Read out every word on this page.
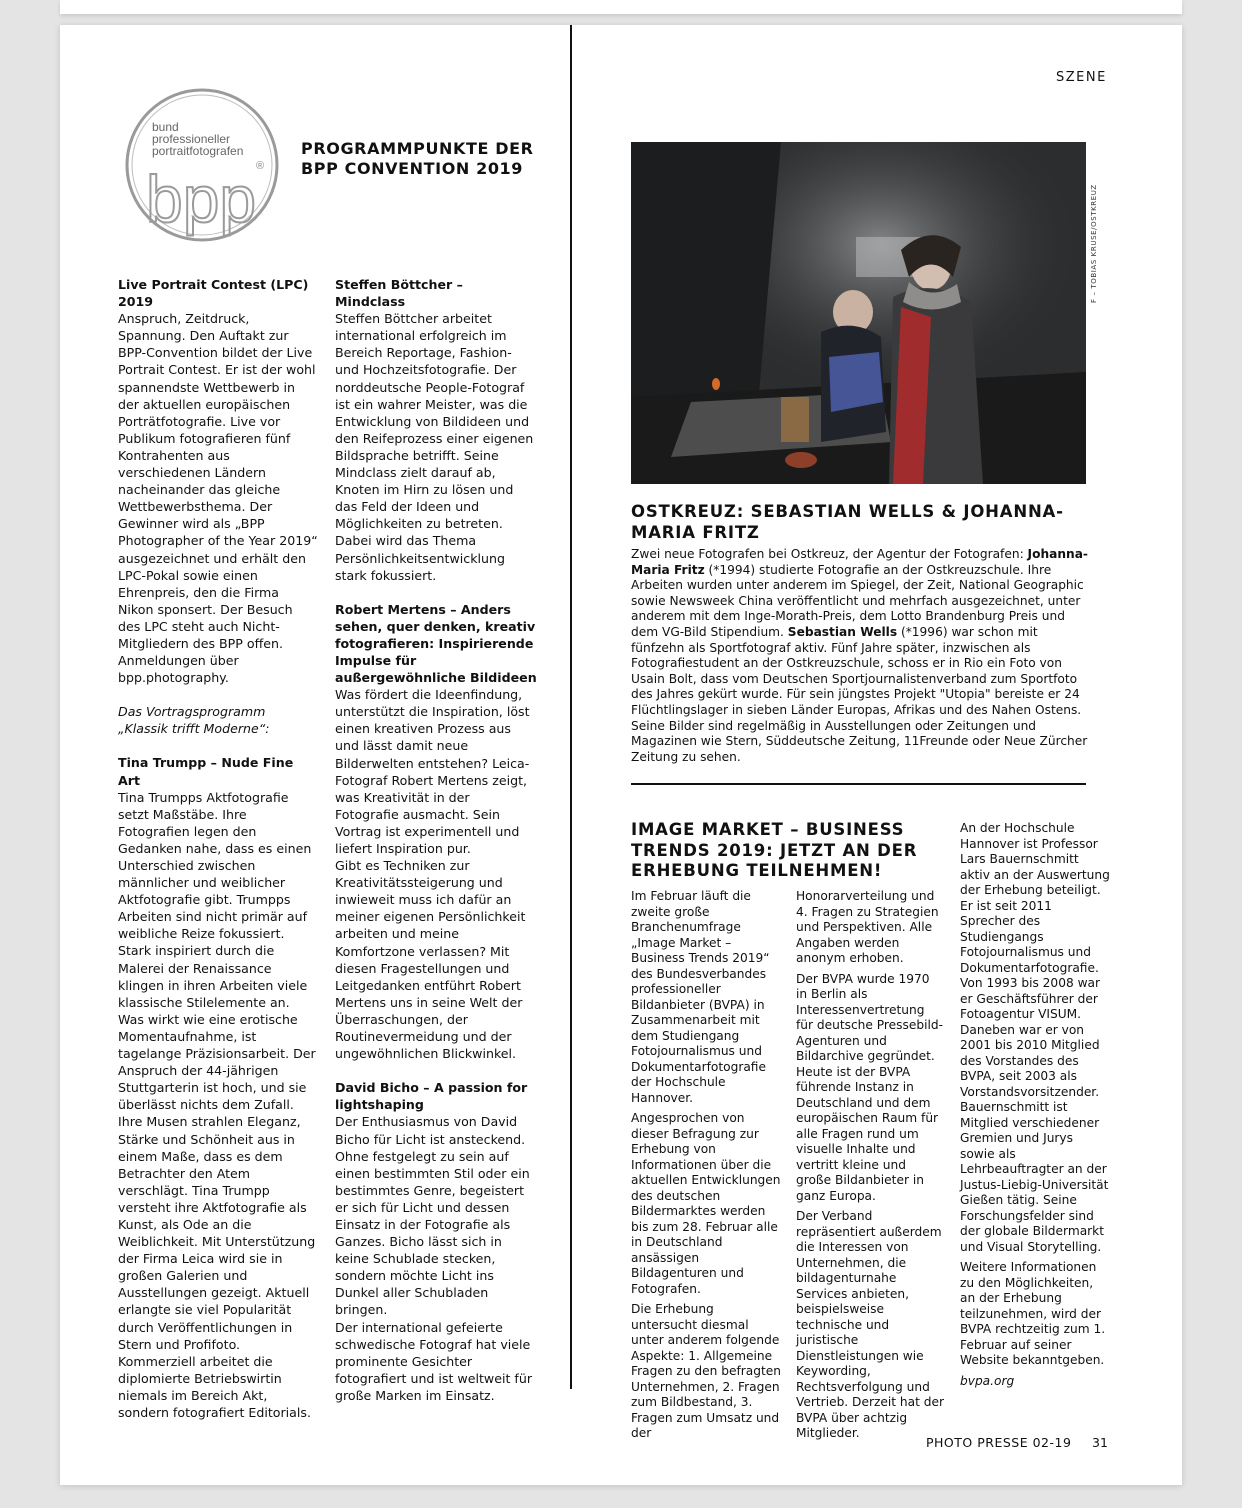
SZENE
bund
professioneller
portraitfotografen
bpp ®
PROGRAMMPUNKTE DER BPP CONVENTION 2019

Live Portrait Contest (LPC) 2019

Anspruch, Zeitdruck, Spannung. Den Auftakt zur BPP-Convention bildet der Live Portrait Contest. Er ist der wohl spannendste Wettbewerb in der aktuellen europäischen Porträtfotografie. Live vor Publikum fotografieren fünf Kontrahenten aus verschiedenen Ländern nacheinander das gleiche Wettbewerbsthema. Der Gewinner wird als „BPP Photographer of the Year 2019“ ausgezeichnet und erhält den LPC-Pokal sowie einen Ehrenpreis, den die Firma Nikon sponsert. Der Besuch des LPC steht auch Nicht-Mitgliedern des BPP offen. Anmeldungen über bpp.photography.

Das Vortragsprogramm „Klassik trifft Moderne“:

Tina Trumpp – Nude Fine Art

Tina Trumpps Aktfotografie setzt Maßstäbe. Ihre Fotografien legen den Gedanken nahe, dass es einen Unterschied zwischen männlicher und weiblicher Aktfotografie gibt. Trumpps Arbeiten sind nicht primär auf weibliche Reize fokussiert. Stark inspiriert durch die Malerei der Renaissance klingen in ihren Arbeiten viele klassische Stilelemente an. Was wirkt wie eine erotische Momentaufnahme, ist tagelange Präzisionsarbeit. Der Anspruch der 44-jährigen Stuttgarterin ist hoch, und sie überlässt nichts dem Zufall.

Ihre Musen strahlen Eleganz, Stärke und Schönheit aus in einem Maße, dass es dem Betrachter den Atem verschlägt. Tina Trumpp versteht ihre Aktfotografie als Kunst, als Ode an die Weiblichkeit. Mit Unterstützung der Firma Leica wird sie in großen Galerien und Ausstellungen gezeigt. Aktuell erlangte sie viel Popularität durch Veröffentlichungen in Stern und Profifoto. Kommerziell arbeitet die diplomierte Betriebswirtin niemals im Bereich Akt, sondern fotografiert Editorials.

Steffen Böttcher – Mindclass

Steffen Böttcher arbeitet international erfolgreich im Bereich Reportage, Fashion- und Hochzeitsfotografie. Der norddeutsche People-Fotograf ist ein wahrer Meister, was die Entwicklung von Bildideen und den Reifeprozess einer eigenen Bildsprache betrifft. Seine Mindclass zielt darauf ab, Knoten im Hirn zu lösen und das Feld der Ideen und Möglichkeiten zu betreten. Dabei wird das Thema Persönlichkeitsentwicklung stark fokussiert.

Robert Mertens – Anders sehen, quer denken, kreativ fotografieren: Inspirierende Impulse für außergewöhnliche Bildideen

Was fördert die Ideenfindung, unterstützt die Inspiration, löst einen kreativen Prozess aus und lässt damit neue Bilderwelten entstehen? Leica-Fotograf Robert Mertens zeigt, was Kreativität in der Fotografie ausmacht. Sein Vortrag ist experimentell und liefert Inspiration pur.

Gibt es Techniken zur Kreativitätssteigerung und inwieweit muss ich dafür an meiner eigenen Persönlichkeit arbeiten und meine Komfortzone verlassen? Mit diesen Fragestellungen und Leitgedanken entführt Robert Mertens uns in seine Welt der Überraschungen, der Routinevermeidung und der ungewöhnlichen Blickwinkel.

David Bicho – A passion for lightshaping

Der Enthusiasmus von David Bicho für Licht ist ansteckend. Ohne festgelegt zu sein auf einen bestimmten Stil oder ein bestimmtes Genre, begeistert er sich für Licht und dessen Einsatz in der Fotografie als Ganzes. Bicho lässt sich in keine Schublade stecken, sondern möchte Licht ins Dunkel aller Schubladen bringen.

Der international gefeierte schwedische Fotograf hat viele prominente Gesichter fotografiert und ist weltweit für große Marken im Einsatz.

F – TOBIAS KRUSE/OSTKREUZ
OSTKREUZ: SEBASTIAN WELLS & JOHANNA-MARIA FRITZ
Zwei neue Fotografen bei Ostkreuz, der Agentur der Fotografen: Johanna-Maria Fritz (*1994) studierte Fotografie an der Ostkreuzschule. Ihre Arbeiten wurden unter anderem im Spiegel, der Zeit, National Geographic sowie Newsweek China veröffentlicht und mehrfach ausgezeichnet, unter anderem mit dem Inge-Morath-Preis, dem Lotto Brandenburg Preis und dem VG-Bild Stipendium. Sebastian Wells (*1996) war schon mit fünfzehn als Sportfotograf aktiv. Fünf Jahre später, inzwischen als Fotografiestudent an der Ostkreuzschule, schoss er in Rio ein Foto von Usain Bolt, dass vom Deutschen Sportjournalistenverband zum Sportfoto des Jahres gekürt wurde. Für sein jüngstes Projekt "Utopia" bereiste er 24 Flüchtlingslager in sieben Länder Europas, Afrikas und des Nahen Ostens. Seine Bilder sind regelmäßig in Ausstellungen oder Zeitungen und Magazinen wie Stern, Süddeutsche Zeitung, 11Freunde oder Neue Zürcher Zeitung zu sehen.
IMAGE MARKET – BUSINESS TRENDS 2019: JETZT AN DER ERHEBUNG TEILNEHMEN!

Im Februar läuft die zweite große Branchenumfrage „Image Market – Business Trends 2019“ des Bundesverbandes professioneller Bildanbieter (BVPA) in Zusammenarbeit mit dem Studiengang Fotojournalismus und Dokumentarfotografie der Hochschule Hannover.

Angesprochen von dieser Befragung zur Erhebung von Informationen über die aktuellen Entwicklungen des deutschen Bildermarktes werden bis zum 28. Februar alle in Deutschland ansässigen Bildagenturen und Fotografen.

Die Erhebung untersucht diesmal unter anderem folgende Aspekte: 1. Allgemeine Fragen zu den befragten Unternehmen, 2. Fragen zum Bildbestand, 3. Fragen zum Umsatz und der

Honorarverteilung und 4. Fragen zu Strategien und Perspektiven. Alle Angaben werden anonym erhoben.

Der BVPA wurde 1970 in Berlin als Interessenvertretung für deutsche Pressebild-Agenturen und Bildarchive gegründet. Heute ist der BVPA führende Instanz in Deutschland und dem europäischen Raum für alle Fragen rund um visuelle Inhalte und vertritt kleine und große Bildanbieter in ganz Europa.

Der Verband repräsentiert außerdem die Interessen von Unternehmen, die bildagenturnahe Services anbieten, beispielsweise technische und juristische Dienstleistungen wie Keywording, Rechtsverfolgung und Vertrieb. Derzeit hat der BVPA über achtzig Mitglieder.

An der Hochschule Hannover ist Professor Lars Bauernschmitt aktiv an der Auswertung der Erhebung beteiligt. Er ist seit 2011 Sprecher des Studiengangs Fotojournalismus und Dokumentarfotografie. Von 1993 bis 2008 war er Geschäftsführer der Fotoagentur VISUM. Daneben war er von 2001 bis 2010 Mitglied des Vorstandes des BVPA, seit 2003 als Vorstandsvorsitzender. Bauernschmitt ist Mitglied verschiedener Gremien und Jurys sowie als Lehrbeauftragter an der Justus-Liebig-Universität Gießen tätig. Seine Forschungsfelder sind der globale Bildermarkt und Visual Storytelling.

Weitere Informationen zu den Möglichkeiten, an der Erhebung teilzunehmen, wird der BVPA rechtzeitig zum 1. Februar auf seiner Website bekanntgeben.

bvpa.org

PHOTO PRESSE 02-19 31
